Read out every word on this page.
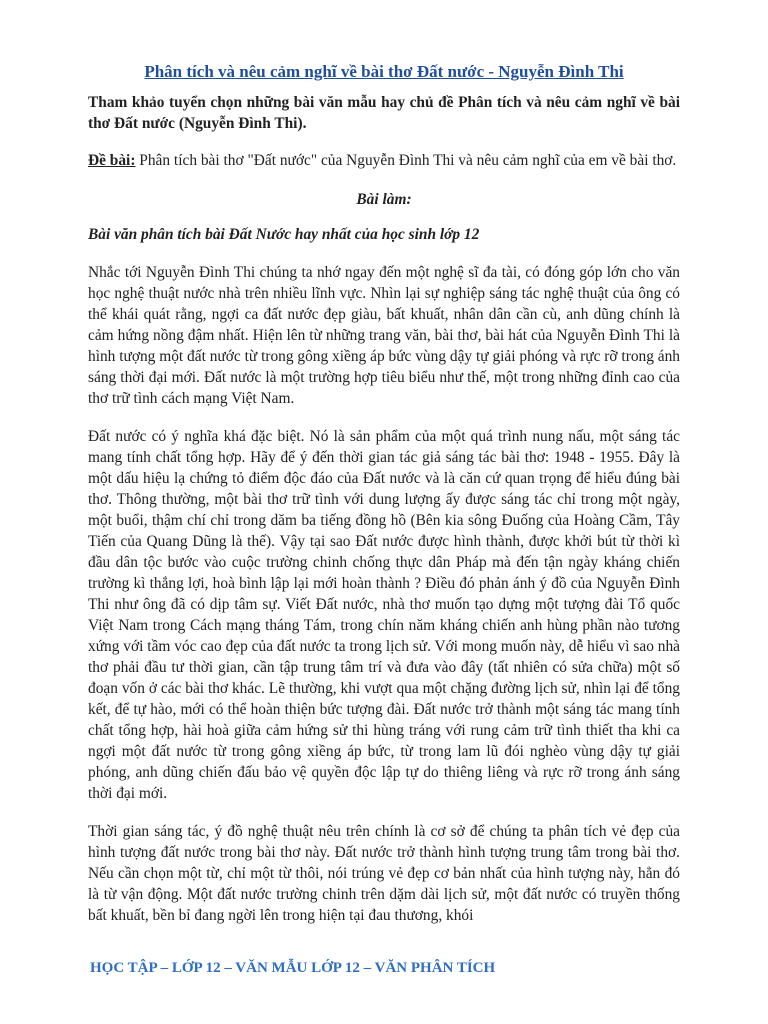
Phân tích và nêu cảm nghĩ về bài thơ Đất nước - Nguyễn Đình Thi

Tham khảo tuyển chọn những bài văn mẫu hay chủ đề Phân tích và nêu cảm nghĩ về bài thơ Đất nước (Nguyễn Đình Thi).

Đề bài: Phân tích bài thơ "Đất nước" của Nguyễn Đình Thi và nêu cảm nghĩ của em về bài thơ.

Bài làm:

Bài văn phân tích bài Đất Nước hay nhất của học sinh lớp 12

Nhắc tới Nguyễn Đình Thi chúng ta nhớ ngay đến một nghệ sĩ đa tài, có đóng góp lớn cho văn học nghệ thuật nước nhà trên nhiều lĩnh vực. Nhìn lại sự nghiệp sáng tác nghệ thuật của ông có thể khái quát rằng, ngợi ca đất nước đẹp giàu, bất khuất, nhân dân cần cù, anh dũng chính là cảm hứng nồng đậm nhất. Hiện lên từ những trang văn, bài thơ, bài hát của Nguyễn Đình Thi là hình tượng một đất nước từ trong gông xiềng áp bức vùng dậy tự giải phóng và rực rỡ trong ánh sáng thời đại mới. Đất nước là một trường hợp tiêu biểu như thế, một trong những đỉnh cao của thơ trữ tình cách mạng Việt Nam.

Đất nước có ý nghĩa khá đặc biệt. Nó là sản phẩm của một quá trình nung nấu, một sáng tác mang tính chất tổng hợp. Hãy để ý đến thời gian tác giả sáng tác bài thơ: 1948 - 1955. Đây là một dấu hiệu lạ chứng tỏ điểm độc đáo của Đất nước và là căn cứ quan trọng để hiểu đúng bài thơ. Thông thường, một bài thơ trữ tình với dung lượng ấy được sáng tác chỉ trong một ngày, một buổi, thậm chí chỉ trong dăm ba tiếng đồng hồ (Bên kia sông Đuống của Hoàng Cầm, Tây Tiến của Quang Dũng là thế). Vậy tại sao Đất nước được hình thành, được khởi bút từ thời kì đầu dân tộc bước vào cuộc trường chinh chống thực dân Pháp mà đến tận ngày kháng chiến trường kì thắng lợi, hoà bình lập lại mới hoàn thành ? Điều đó phản ánh ý đồ của Nguyễn Đình Thi như ông đã có dịp tâm sự. Viết Đất nước, nhà thơ muốn tạo dựng một tượng đài Tổ quốc Việt Nam trong Cách mạng tháng Tám, trong chín năm kháng chiến anh hùng phần nào tương xứng với tầm vóc cao đẹp của đất nước ta trong lịch sử. Với mong muốn này, dễ hiểu vì sao nhà thơ phải đầu tư thời gian, cần tập trung tâm trí và đưa vào đây (tất nhiên có sửa chữa) một số đoạn vốn ở các bài thơ khác. Lẽ thường, khi vượt qua một chặng đường lịch sử, nhìn lại để tổng kết, để tự hào, mới có thể hoàn thiện bức tượng đài. Đất nước trở thành một sáng tác mang tính chất tổng hợp, hài hoà giữa cảm hứng sử thi hùng tráng với rung cảm trữ tình thiết tha khi ca ngợi một đất nước từ trong gông xiềng áp bức, từ trong lam lũ đói nghèo vùng dậy tự giải phóng, anh dũng chiến đấu bảo vệ quyền độc lập tự do thiêng liêng và rực rỡ trong ánh sáng thời đại mới.

Thời gian sáng tác, ý đồ nghệ thuật nêu trên chính là cơ sở để chúng ta phân tích vẻ đẹp của hình tượng đất nước trong bài thơ này. Đất nước trở thành hình tượng trung tâm trong bài thơ. Nếu cần chọn một từ, chỉ một từ thôi, nói trúng vẻ đẹp cơ bản nhất của hình tượng này, hẳn đó là từ vận động. Một đất nước trường chinh trên dặm dài lịch sử, một đất nước có truyền thống bất khuất, bền bỉ đang ngời lên trong hiện tại đau thương, khói

HỌC TẬP – LỚP 12 – VĂN MẪU LỚP 12 – VĂN PHÂN TÍCH
